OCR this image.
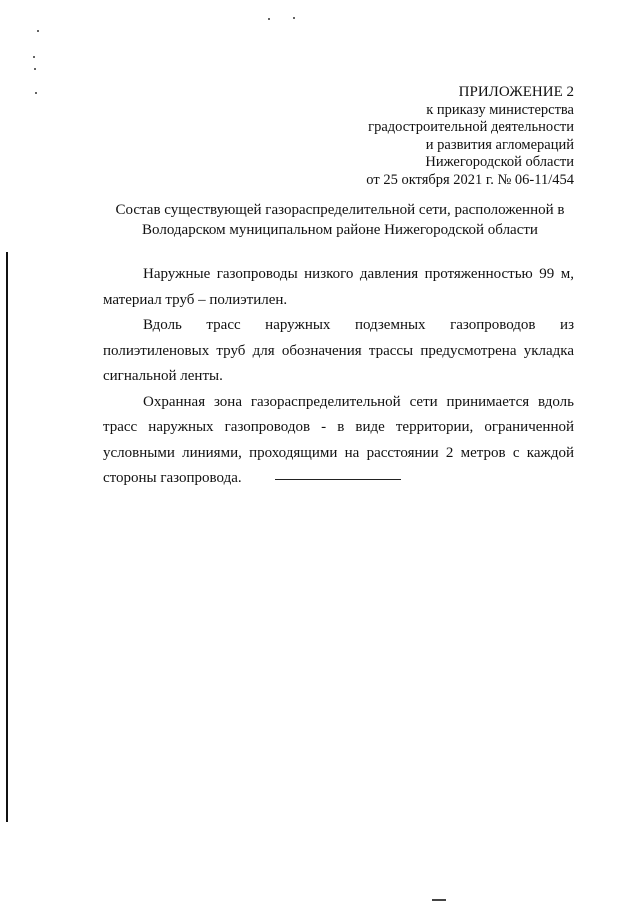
ПРИЛОЖЕНИЕ 2
к приказу министерства
градостроительной деятельности
и развития агломераций
Нижегородской области
от 25 октября 2021 г. № 06-11/454
Состав существующей газораспределительной сети, расположенной в
Володарском муниципальном районе Нижегородской области

Наружные газопроводы низкого давления протяженностью 99 м, материал труб – полиэтилен.

Вдоль трасс наружных подземных газопроводов из полиэтиленовых труб для обозначения трассы предусмотрена укладка сигнальной ленты.

Охранная зона газораспределительной сети принимается вдоль трасс наружных газопроводов - в виде территории, ограниченной условными линиями, проходящими на расстоянии 2 метров с каждой стороны газопровода.
